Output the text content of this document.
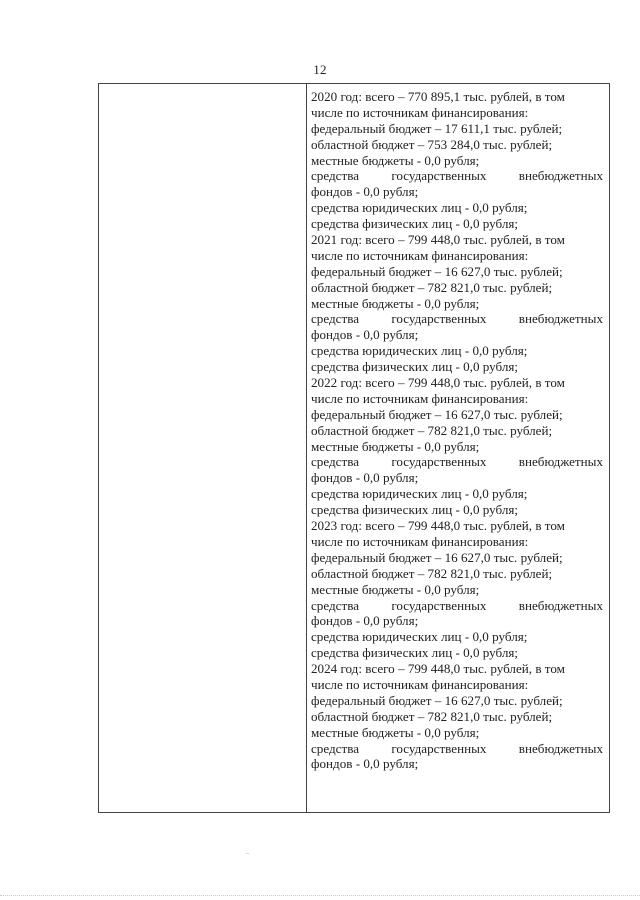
12
2020 год: всего – 770 895,1 тыс. рублей, в том
числе по источникам финансирования:
федеральный бюджет – 17 611,1 тыс. рублей;
областной бюджет – 753 284,0 тыс. рублей;
местные бюджеты - 0,0 рубля;
средства государственных внебюджетных
фондов - 0,0 рубля;
средства юридических лиц - 0,0 рубля;
средства физических лиц - 0,0 рубля;
2021 год: всего – 799 448,0 тыс. рублей, в том
числе по источникам финансирования:
федеральный бюджет – 16 627,0 тыс. рублей;
областной бюджет – 782 821,0 тыс. рублей;
местные бюджеты - 0,0 рубля;
средства государственных внебюджетных
фондов - 0,0 рубля;
средства юридических лиц - 0,0 рубля;
средства физических лиц - 0,0 рубля;
2022 год: всего – 799 448,0 тыс. рублей, в том
числе по источникам финансирования:
федеральный бюджет – 16 627,0 тыс. рублей;
областной бюджет – 782 821,0 тыс. рублей;
местные бюджеты - 0,0 рубля;
средства государственных внебюджетных
фондов - 0,0 рубля;
средства юридических лиц - 0,0 рубля;
средства физических лиц - 0,0 рубля;
2023 год: всего – 799 448,0 тыс. рублей, в том
числе по источникам финансирования:
федеральный бюджет – 16 627,0 тыс. рублей;
областной бюджет – 782 821,0 тыс. рублей;
местные бюджеты - 0,0 рубля;
средства государственных внебюджетных
фондов - 0,0 рубля;
средства юридических лиц - 0,0 рубля;
средства физических лиц - 0,0 рубля;
2024 год: всего – 799 448,0 тыс. рублей, в том
числе по источникам финансирования:
федеральный бюджет – 16 627,0 тыс. рублей;
областной бюджет – 782 821,0 тыс. рублей;
местные бюджеты - 0,0 рубля;
средства государственных внебюджетных
фондов - 0,0 рубля;
